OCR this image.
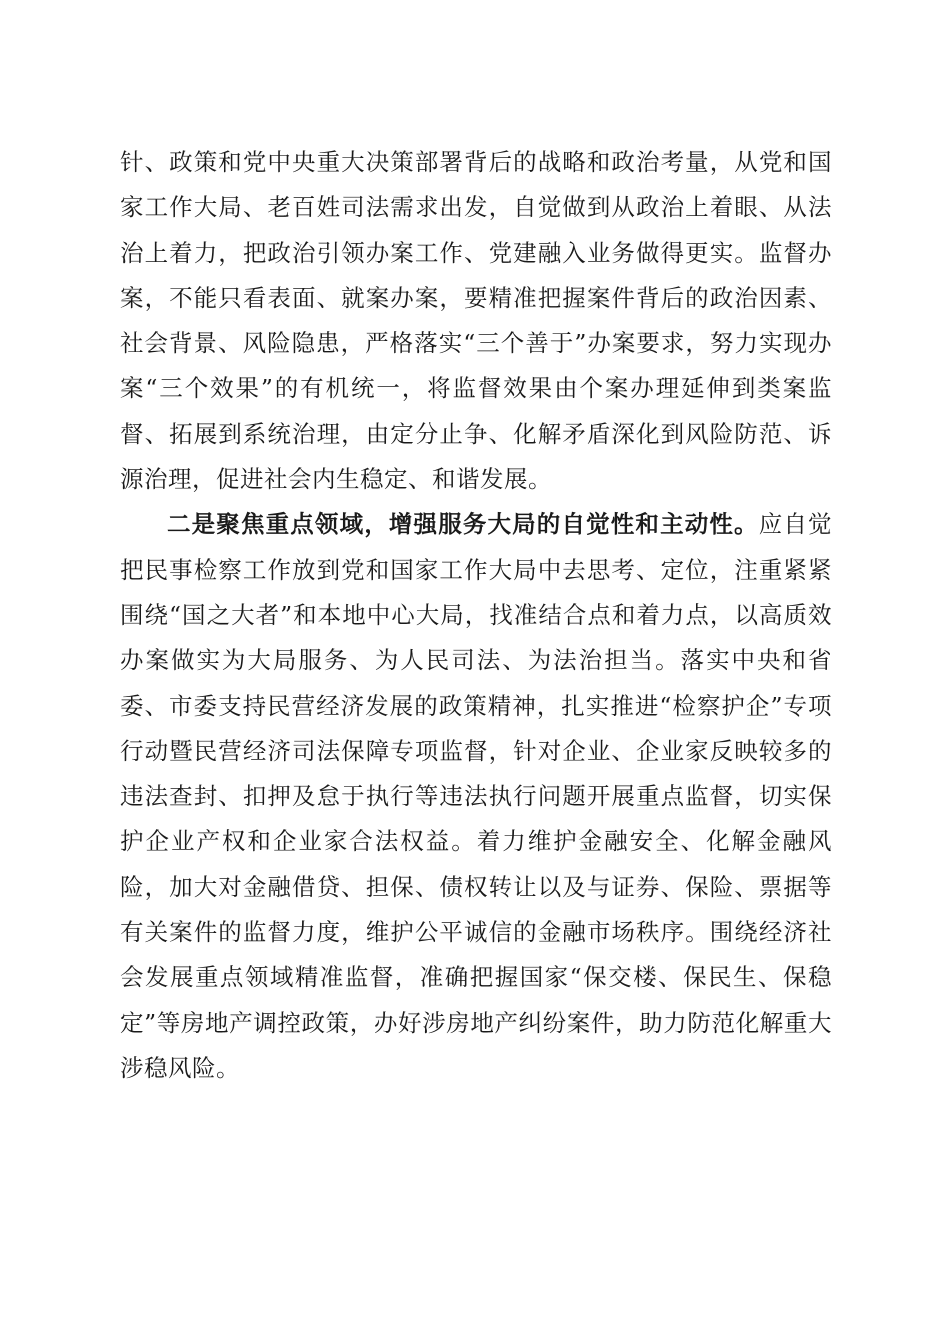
针、政策和党中央重大决策部署背后的战略和政治考量，从党和国家工作大局、老百姓司法需求出发，自觉做到从政治上着眼、从法治上着力，把政治引领办案工作、党建融入业务做得更实。监督办案，不能只看表面、就案办案，要精准把握案件背后的政治因素、社会背景、风险隐患，严格落实“三个善于”办案要求，努力实现办案“三个效果”的有机统一，将监督效果由个案办理延伸到类案监督、拓展到系统治理，由定分止争、化解矛盾深化到风险防范、诉源治理，促进社会内生稳定、和谐发展。

二是聚焦重点领域，增强服务大局的自觉性和主动性。应自觉把民事检察工作放到党和国家工作大局中去思考、定位，注重紧紧围绕“国之大者”和本地中心大局，找准结合点和着力点，以高质效办案做实为大局服务、为人民司法、为法治担当。落实中央和省委、市委支持民营经济发展的政策精神，扎实推进“检察护企”专项行动暨民营经济司法保障专项监督，针对企业、企业家反映较多的违法查封、扣押及怠于执行等违法执行问题开展重点监督，切实保护企业产权和企业家合法权益。着力维护金融安全、化解金融风险，加大对金融借贷、担保、债权转让以及与证券、保险、票据等有关案件的监督力度，维护公平诚信的金融市场秩序。围绕经济社会发展重点领域精准监督，准确把握国家“保交楼、保民生、保稳定”等房地产调控政策，办好涉房地产纠纷案件，助力防范化解重大涉稳风险。
